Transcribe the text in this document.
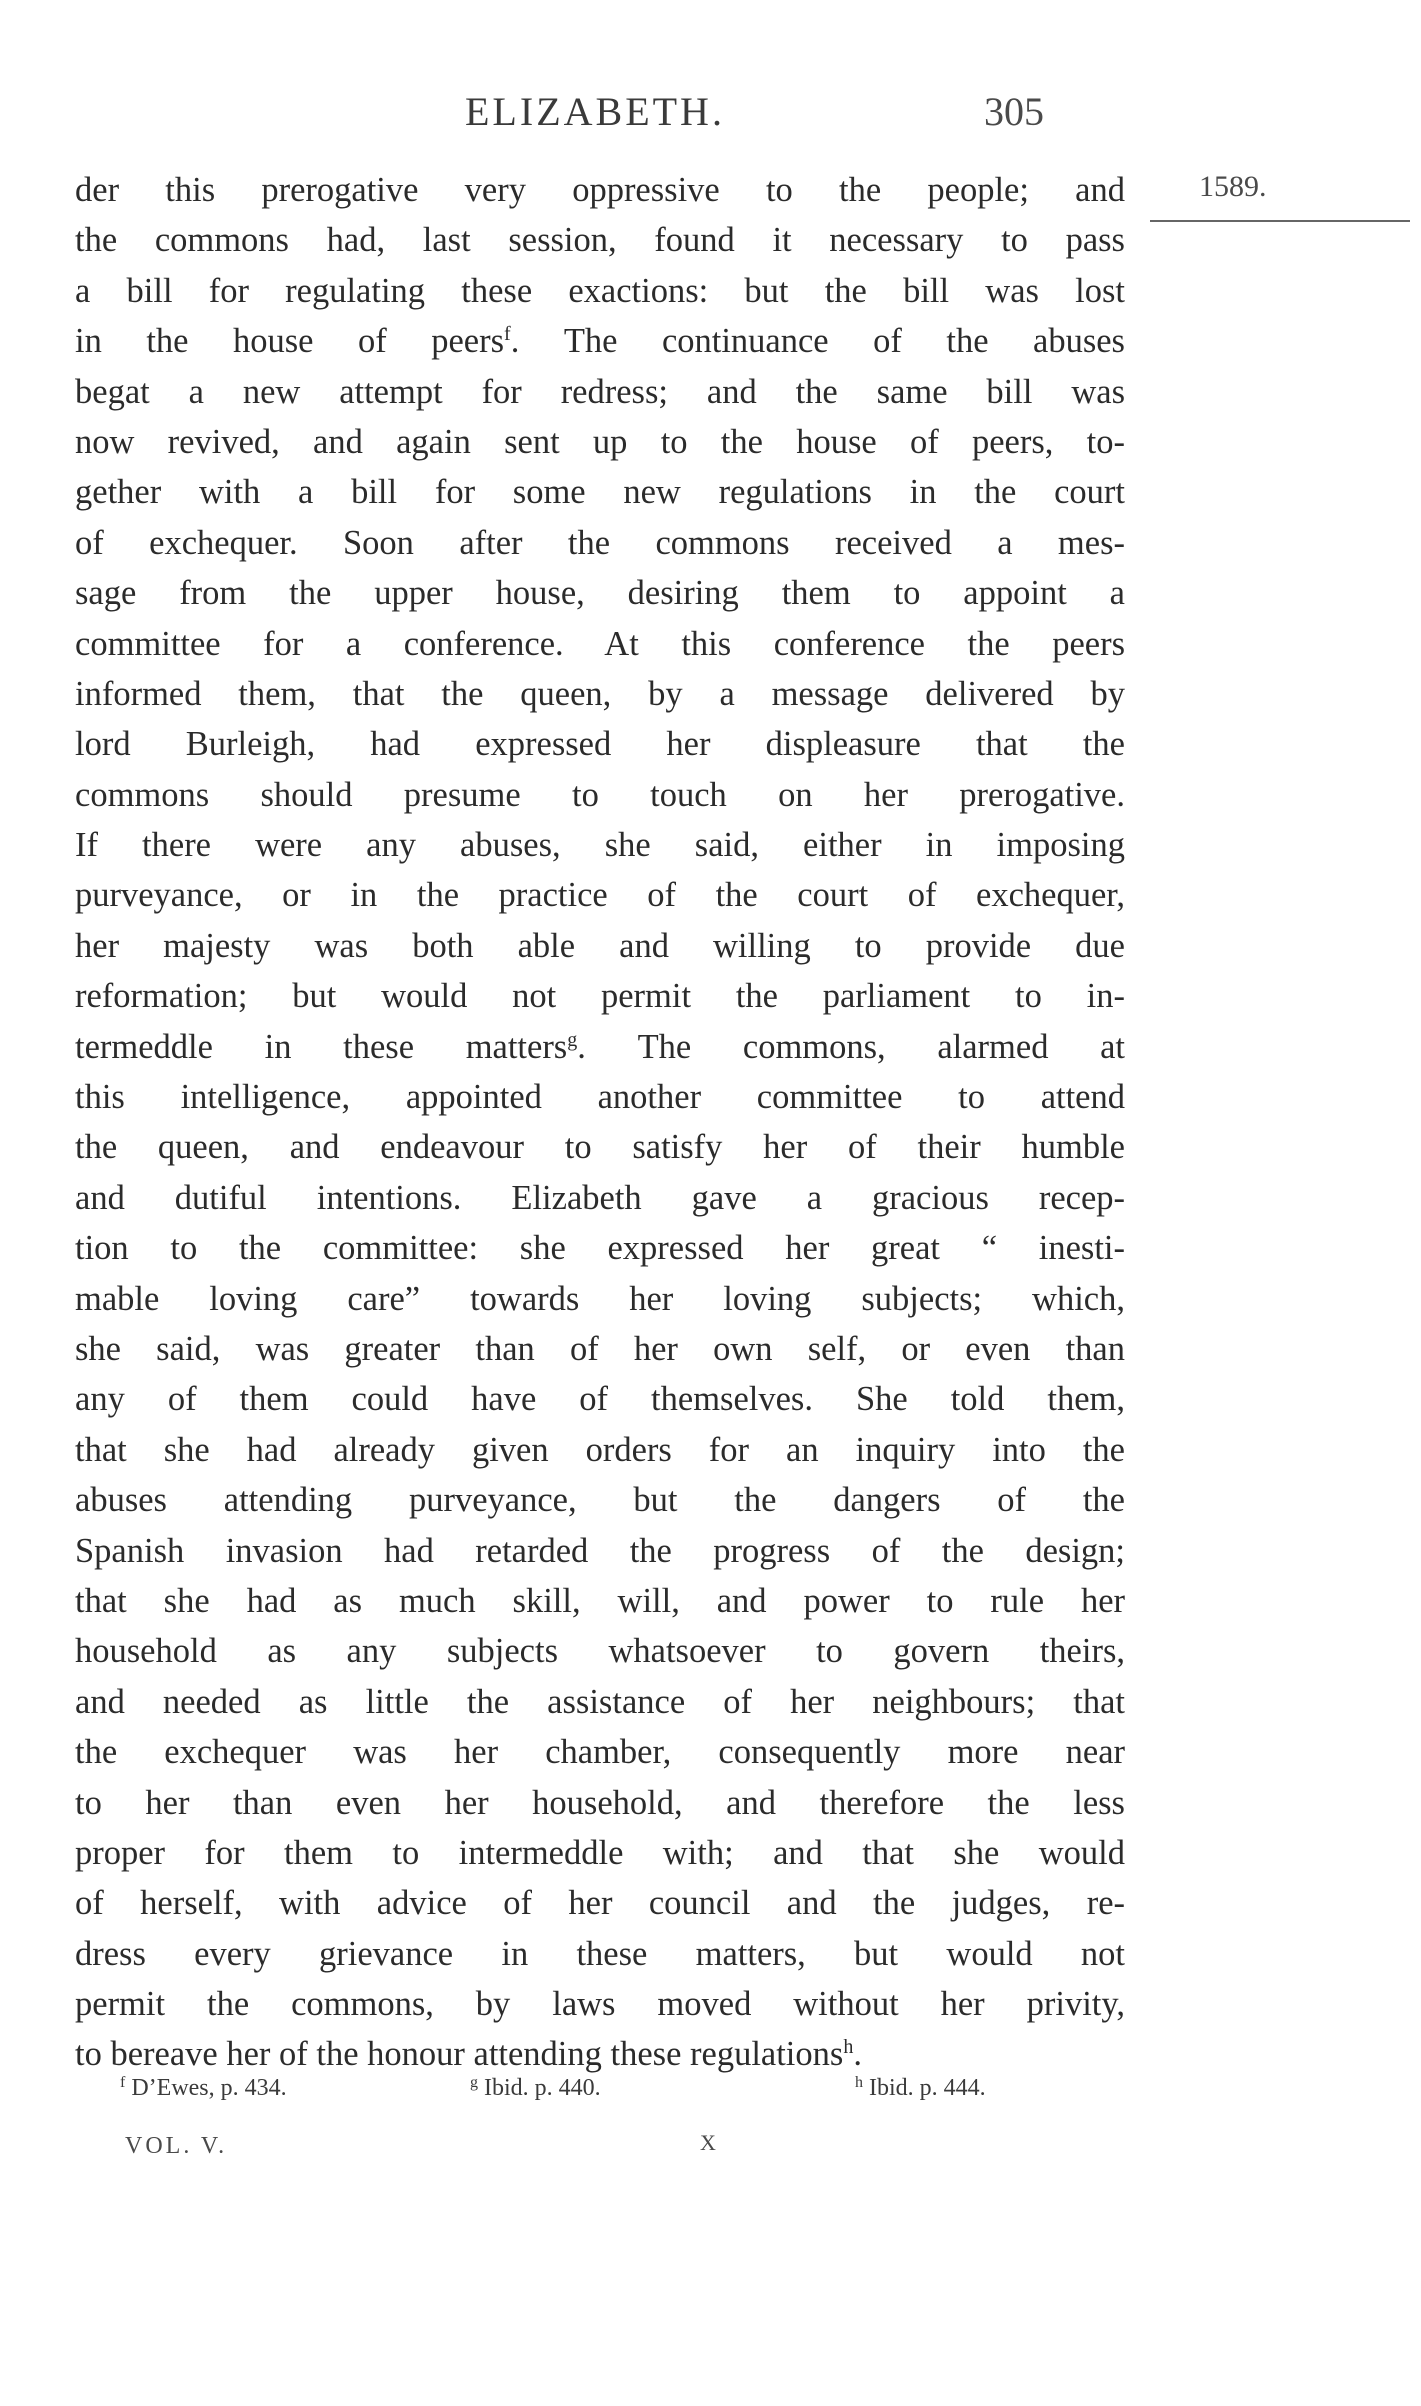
ELIZABETH.	305
1589.
der this prerogative very oppressive to the people; and
the commons had, last session, found it necessary to pass
a bill for regulating these exactions: but the bill was lost
in the house of peers$^f$. The continuance of the abuses
begat a new attempt for redress; and the same bill was
now revived, and again sent up to the house of peers, to-
gether with a bill for some new regulations in the court
of exchequer. Soon after the commons received a mes-
sage from the upper house, desiring them to appoint a
committee for a conference. At this conference the peers
informed them, that the queen, by a message delivered by
lord Burleigh, had expressed her displeasure that the
commons should presume to touch on her prerogative.
If there were any abuses, she said, either in imposing
purveyance, or in the practice of the court of exchequer,
her majesty was both able and willing to provide due
reformation; but would not permit the parliament to in-
termeddle in these matters$^g$. The commons, alarmed at
this intelligence, appointed another committee to attend
the queen, and endeavour to satisfy her of their humble
and dutiful intentions. Elizabeth gave a gracious recep-
tion to the committee: she expressed her great “ inesti-
mable loving care” towards her loving subjects; which,
she said, was greater than of her own self, or even than
any of them could have of themselves. She told them,
that she had already given orders for an inquiry into the
abuses attending purveyance, but the dangers of the
Spanish invasion had retarded the progress of the design;
that she had as much skill, will, and power to rule her
household as any subjects whatsoever to govern theirs,
and needed as little the assistance of her neighbours; that
the exchequer was her chamber, consequently more near
to her than even her household, and therefore the less
proper for them to intermeddle with; and that she would
of herself, with advice of her council and the judges, re-
dress every grievance in these matters, but would not
permit the commons, by laws moved without her privity,
to bereave her of the honour attending these regulations$^h$.
$^f$ D’Ewes, p. 434.	$^g$ Ibid. p. 440.	$^h$ Ibid. p. 444.
VOL. V.	X
